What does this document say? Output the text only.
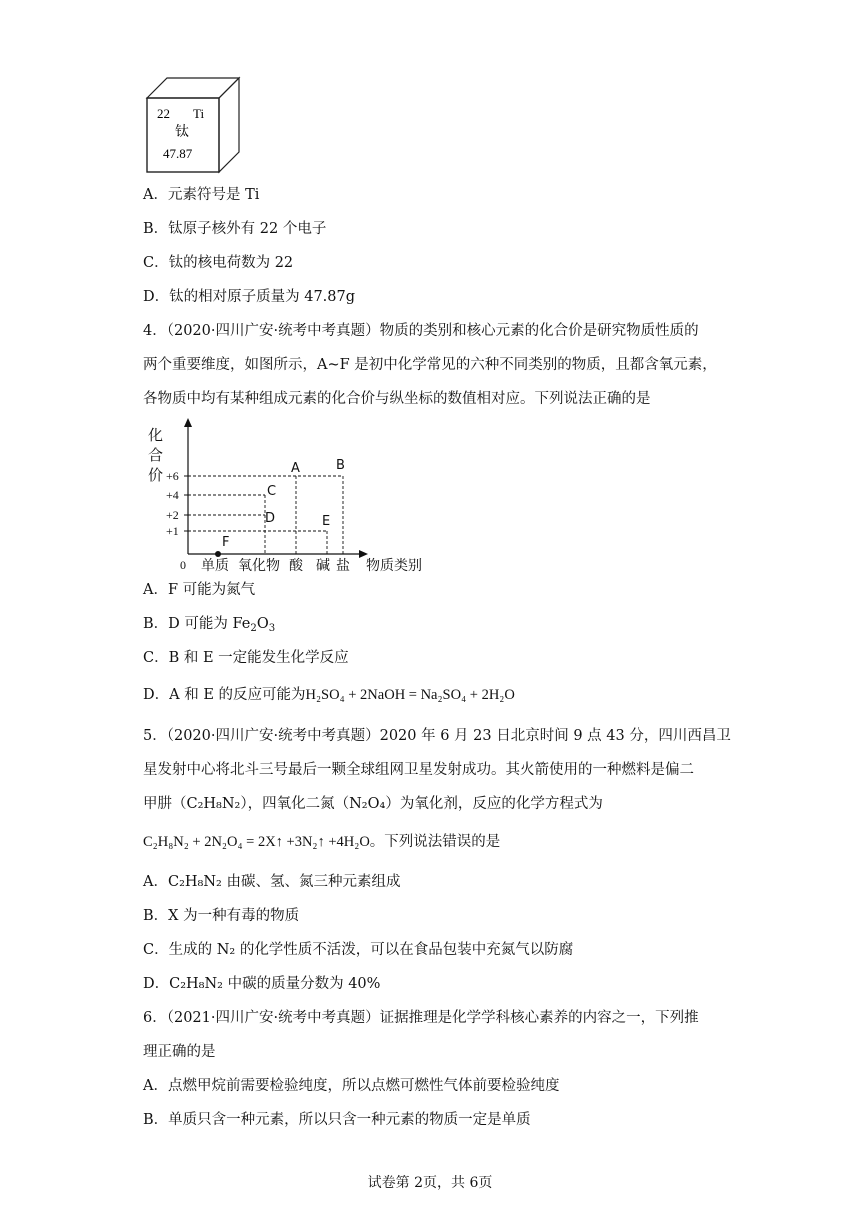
22 Ti
钛
47.87
A．元素符号是 Ti
B．钛原子核外有 22 个电子
C．钛的核电荷数为 22
D．钛的相对原子质量为 47.87g
4．（2020·四川广安·统考中考真题）物质的类别和核心元素的化合价是研究物质性质的
两个重要维度，如图所示，A~F 是初中化学常见的六种不同类别的物质，且都含氧元素，
各物质中均有某种组成元素的化合价与纵坐标的数值相对应。下列说法正确的是
化
合
价 +6
+4
+2
+1
0
A	B
C
D	E
F
单质 氧化物 酸 碱 盐 物质类别
A．F 可能为氮气
B．D 可能为 $Fe_2O_3$
C．B 和 E 一定能发生化学反应
D．A 和 E 的反应可能为H₂SO₄ + 2NaOH = Na₂SO₄ + 2H₂O
5．（2020·四川广安·统考中考真题）2020 年 6 月 23 日北京时间 9 点 43 分，四川西昌卫
星发射中心将北斗三号最后一颗全球组网卫星发射成功。其火箭使用的一种燃料是偏二
甲肼（C₂H₈N₂），四氧化二氮（N₂O₄）为氧化剂，反应的化学方程式为
C₂H₈N₂ + 2N₂O₄ = 2X↑ +3N₂↑ +4H₂O。下列说法错误的是
A．C₂H₈N₂ 由碳、氢、氮三种元素组成
B．X 为一种有毒的物质
C．生成的 N₂ 的化学性质不活泼，可以在食品包装中充氮气以防腐
D．C₂H₈N₂ 中碳的质量分数为 40%
6．（2021·四川广安·统考中考真题）证据推理是化学学科核心素养的内容之一，下列推
理正确的是
A．点燃甲烷前需要检验纯度，所以点燃可燃性气体前要检验纯度
B．单质只含一种元素，所以只含一种元素的物质一定是单质
试卷第 2页，共 6页
